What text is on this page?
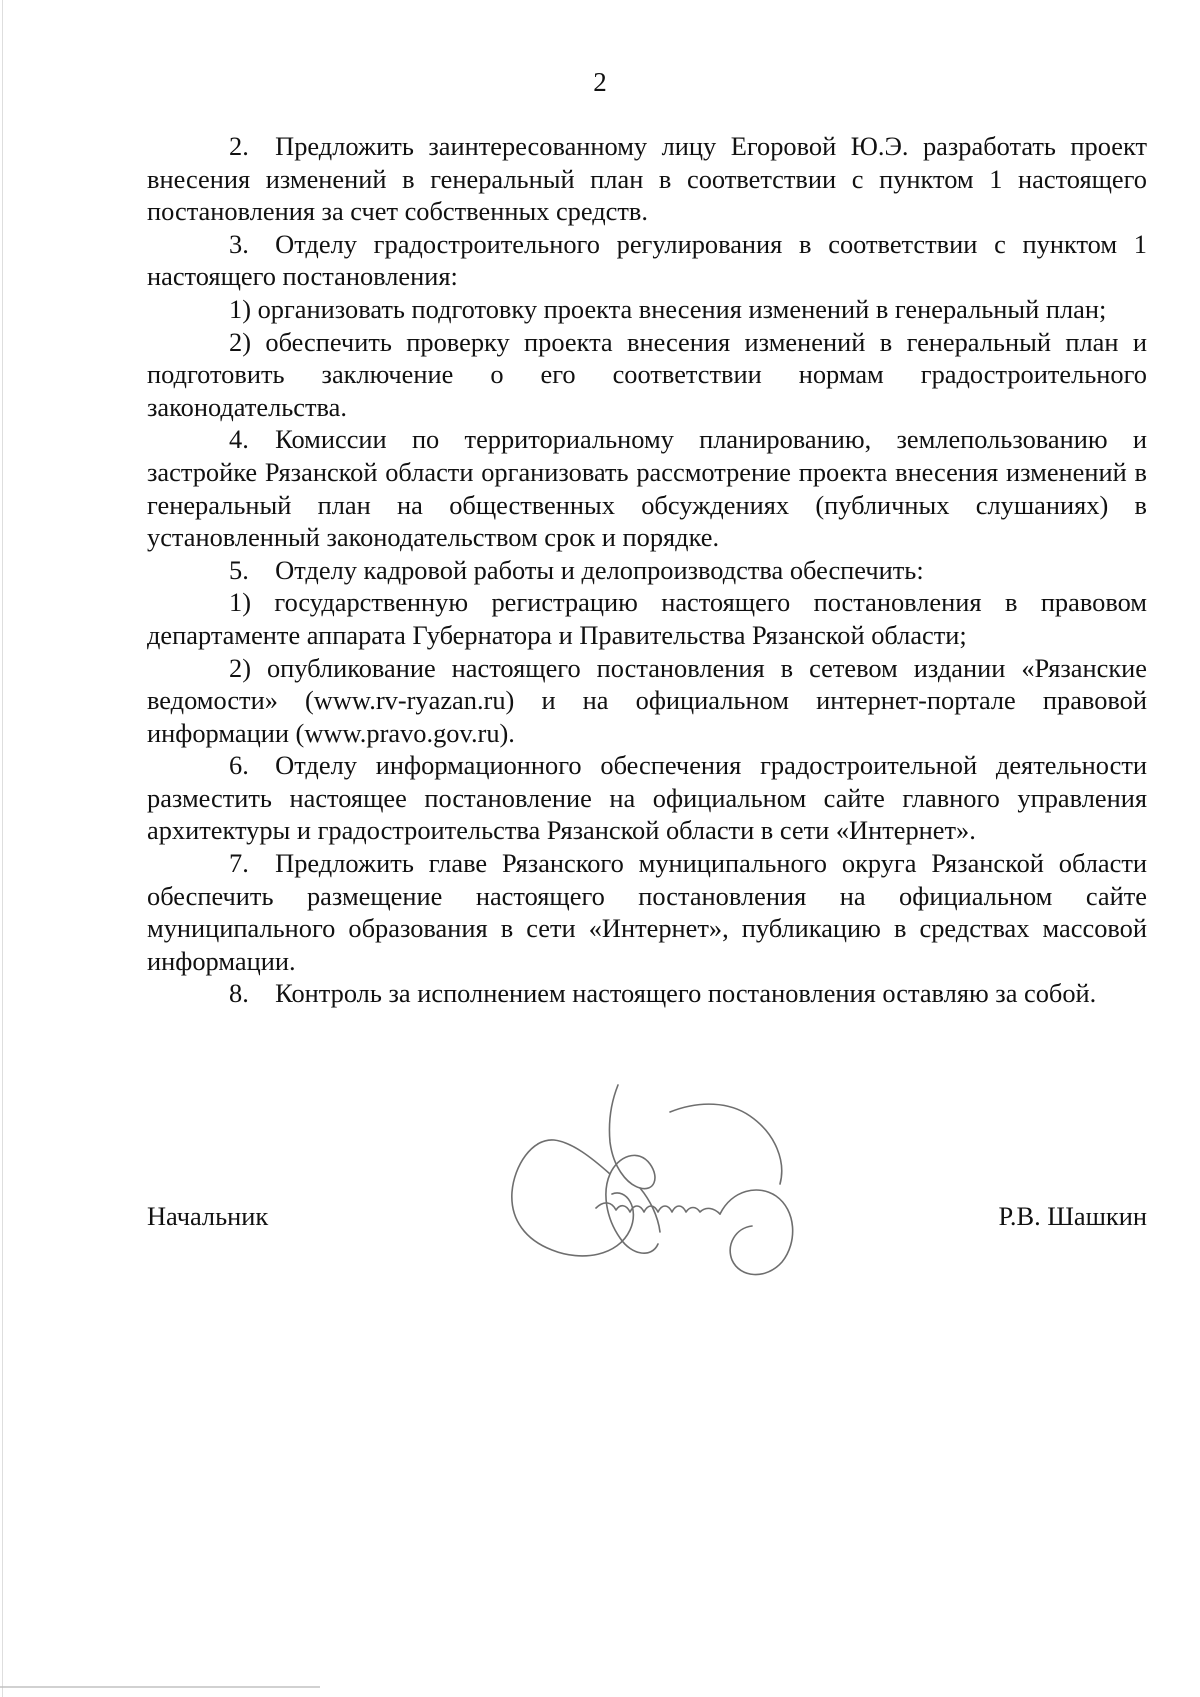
2

2. Предложить заинтересованному лицу Егоровой Ю.Э. разработать проект внесения изменений в генеральный план в соответствии с пунктом 1 настоящего постановления за счет собственных средств.

3. Отделу градостроительного регулирования в соответствии с пунктом 1 настоящего постановления:

1) организовать подготовку проекта внесения изменений в генеральный план;

2) обеспечить проверку проекта внесения изменений в генеральный план и подготовить заключение о его соответствии нормам градостроительного законодательства.

4. Комиссии по территориальному планированию, землепользованию и застройке Рязанской области организовать рассмотрение проекта внесения изменений в генеральный план на общественных обсуждениях (публичных слушаниях) в установленный законодательством срок и порядке.

5. Отделу кадровой работы и делопроизводства обеспечить:

1) государственную регистрацию настоящего постановления в правовом департаменте аппарата Губернатора и Правительства Рязанской области;

2) опубликование настоящего постановления в сетевом издании «Рязанские ведомости» (www.rv-ryazan.ru) и на официальном интернет-портале правовой информации (www.pravo.gov.ru).

6. Отделу информационного обеспечения градостроительной деятельности разместить настоящее постановление на официальном сайте главного управления архитектуры и градостроительства Рязанской области в сети «Интернет».

7. Предложить главе Рязанского муниципального округа Рязанской области обеспечить размещение настоящего постановления на официальном сайте муниципального образования в сети «Интернет», публикацию в средствах массовой информации.

8. Контроль за исполнением настоящего постановления оставляю за собой.

Начальник	Р.В. Шашкин
